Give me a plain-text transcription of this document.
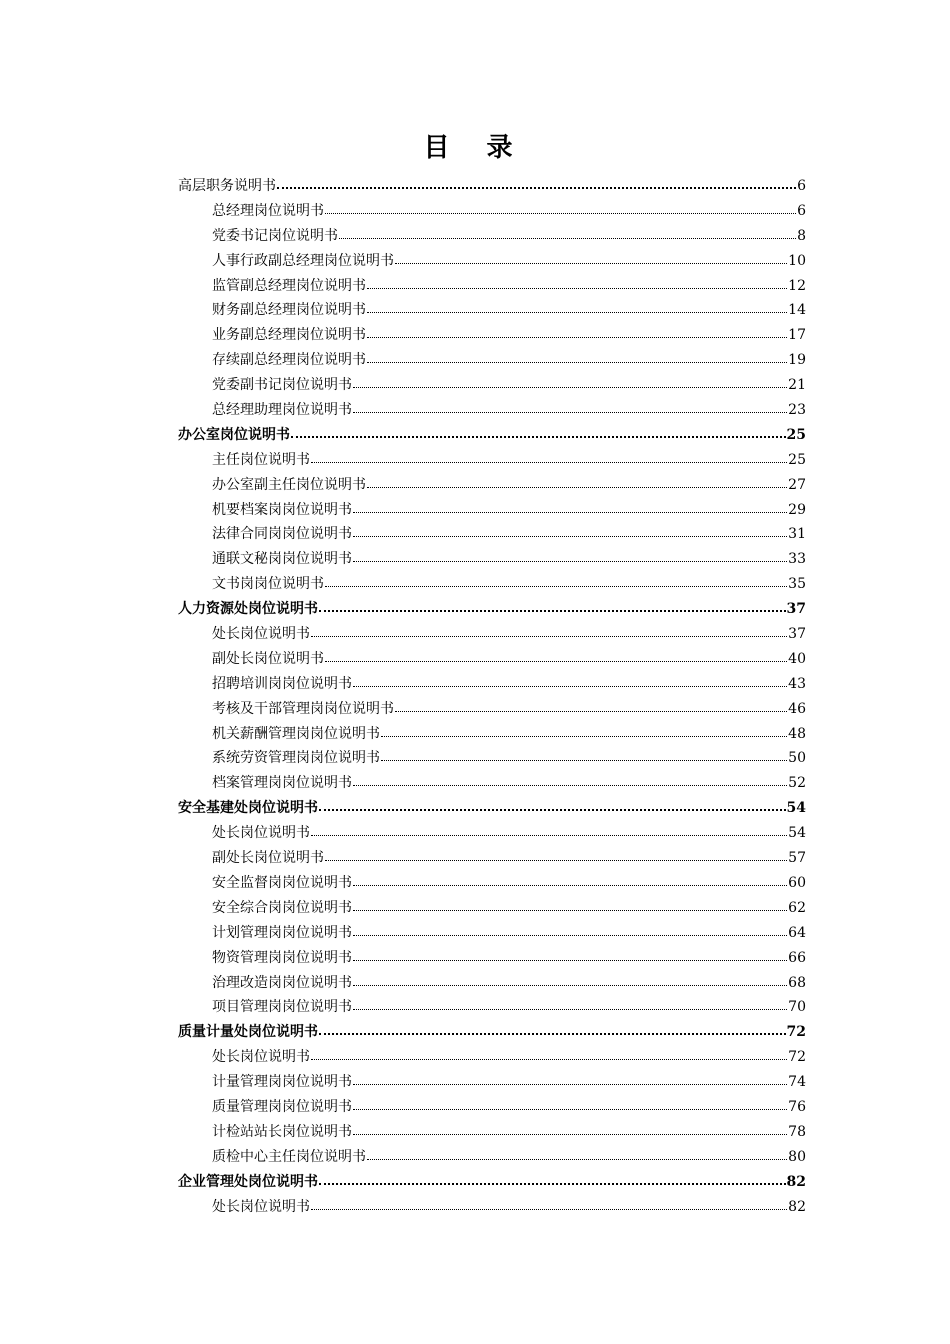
目 录
高层职务说明书	6
总经理岗位说明书	6
党委书记岗位说明书	8
人事行政副总经理岗位说明书	10
监管副总经理岗位说明书	12
财务副总经理岗位说明书	14
业务副总经理岗位说明书	17
存续副总经理岗位说明书	19
党委副书记岗位说明书	21
总经理助理岗位说明书	23
办公室岗位说明书	25
主任岗位说明书	25
办公室副主任岗位说明书	27
机要档案岗岗位说明书	29
法律合同岗岗位说明书	31
通联文秘岗岗位说明书	33
文书岗岗位说明书	35
人力资源处岗位说明书	37
处长岗位说明书	37
副处长岗位说明书	40
招聘培训岗岗位说明书	43
考核及干部管理岗岗位说明书	46
机关薪酬管理岗岗位说明书	48
系统劳资管理岗岗位说明书	50
档案管理岗岗位说明书	52
安全基建处岗位说明书	54
处长岗位说明书	54
副处长岗位说明书	57
安全监督岗岗位说明书	60
安全综合岗岗位说明书	62
计划管理岗岗位说明书	64
物资管理岗岗位说明书	66
治理改造岗岗位说明书	68
项目管理岗岗位说明书	70
质量计量处岗位说明书	72
处长岗位说明书	72
计量管理岗岗位说明书	74
质量管理岗岗位说明书	76
计检站站长岗位说明书	78
质检中心主任岗位说明书	80
企业管理处岗位说明书	82
处长岗位说明书	82
